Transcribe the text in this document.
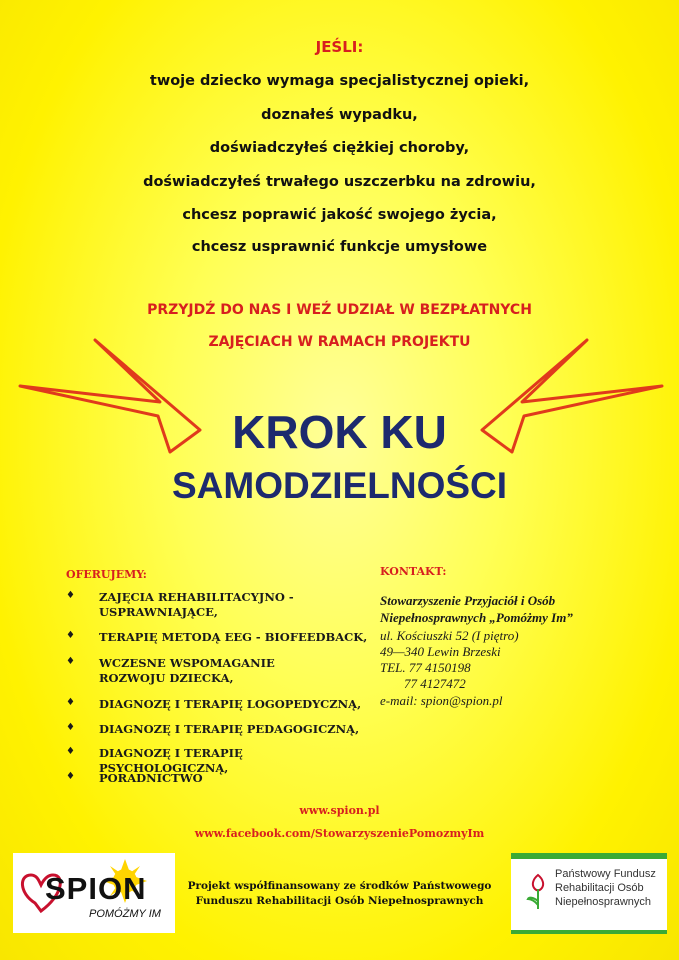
JEŚLI:
twoje dziecko wymaga specjalistycznej opieki,
doznałeś wypadku,
doświadczyłeś ciężkiej choroby,
doświadczyłeś trwałego uszczerbku na zdrowiu,
chcesz poprawić jakość swojego życia,
chcesz usprawnić funkcje umysłowe
PRZYJDŹ DO NAS I WEŹ UDZIAŁ W BEZPŁATNYCH
ZAJĘCIACH W RAMACH PROJEKTU
KROK KU
SAMODZIELNOŚCI
OFERUJEMY:
♦ ZAJĘCIA REHABILITACYJNO - USPRAWNIAJĄCE,
♦ TERAPIĘ METODĄ EEG - BIOFEEDBACK,
♦ WCZESNE WSPOMAGANIE ROZWOJU DZIECKA,
♦ DIAGNOZĘ I TERAPIĘ LOGOPEDYCZNĄ,
♦ DIAGNOZĘ I TERAPIĘ PEDAGOGICZNĄ,
♦ DIAGNOZĘ I TERAPIĘ PSYCHOLOGICZNĄ,
♦ PORADNICTWO
KONTAKT:
Stowarzyszenie Przyjaciół i Osób
Niepełnosprawnych „Pomóżmy Im”
ul. Kościuszki 52 (I piętro)
49—340 Lewin Brzeski
TEL. 77 4150198
77 4127472
e-mail: spion@spion.pl
www.spion.pl
www.facebook.com/StowarzyszeniePomozmyIm
SPION
POMÓŻMY IM
Projekt współfinansowany ze środków Państwowego
Funduszu Rehabilitacji Osób Niepełnosprawnych
Państwowy Fundusz
Rehabilitacji Osób
Niepełnosprawnych
